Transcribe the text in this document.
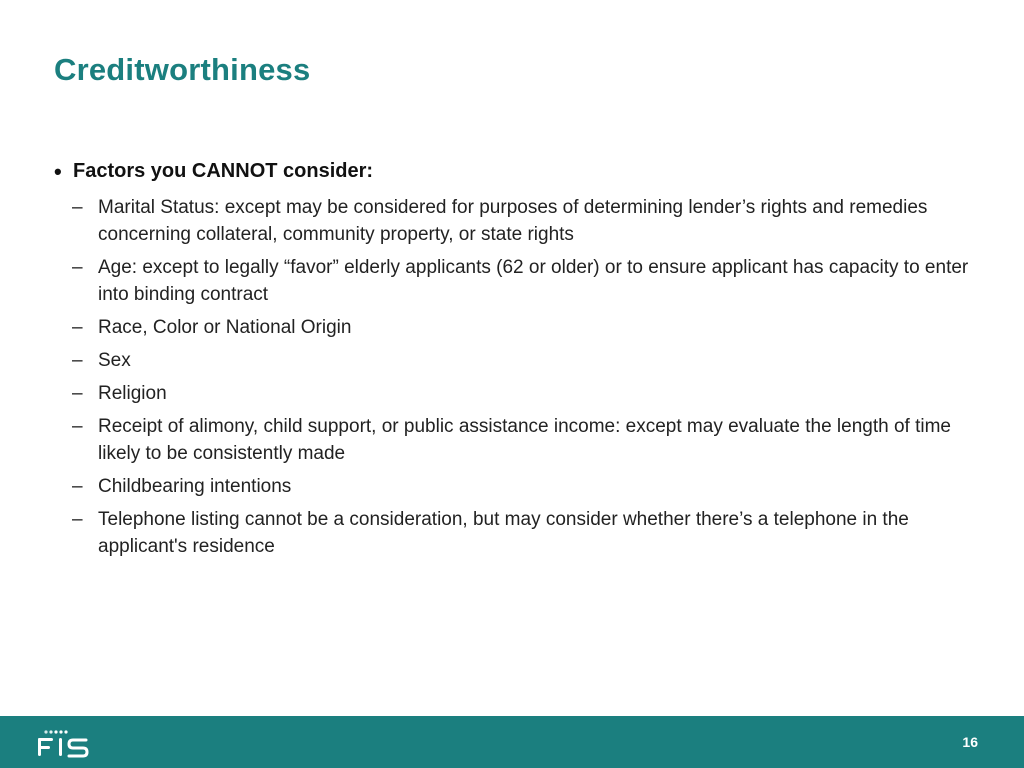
Creditworthiness
• Factors you CANNOT consider:
– Marital Status: except may be considered for purposes of determining lender’s rights and remedies concerning collateral, community property, or state rights
– Age: except to legally “favor” elderly applicants (62 or older) or to ensure applicant has capacity to enter into binding contract
– Race, Color or National Origin
– Sex
– Religion
– Receipt of alimony, child support, or public assistance income: except may evaluate the length of time likely to be consistently made
– Childbearing intentions
– Telephone listing cannot be a consideration, but may consider whether there’s a telephone in the applicant's residence
16
